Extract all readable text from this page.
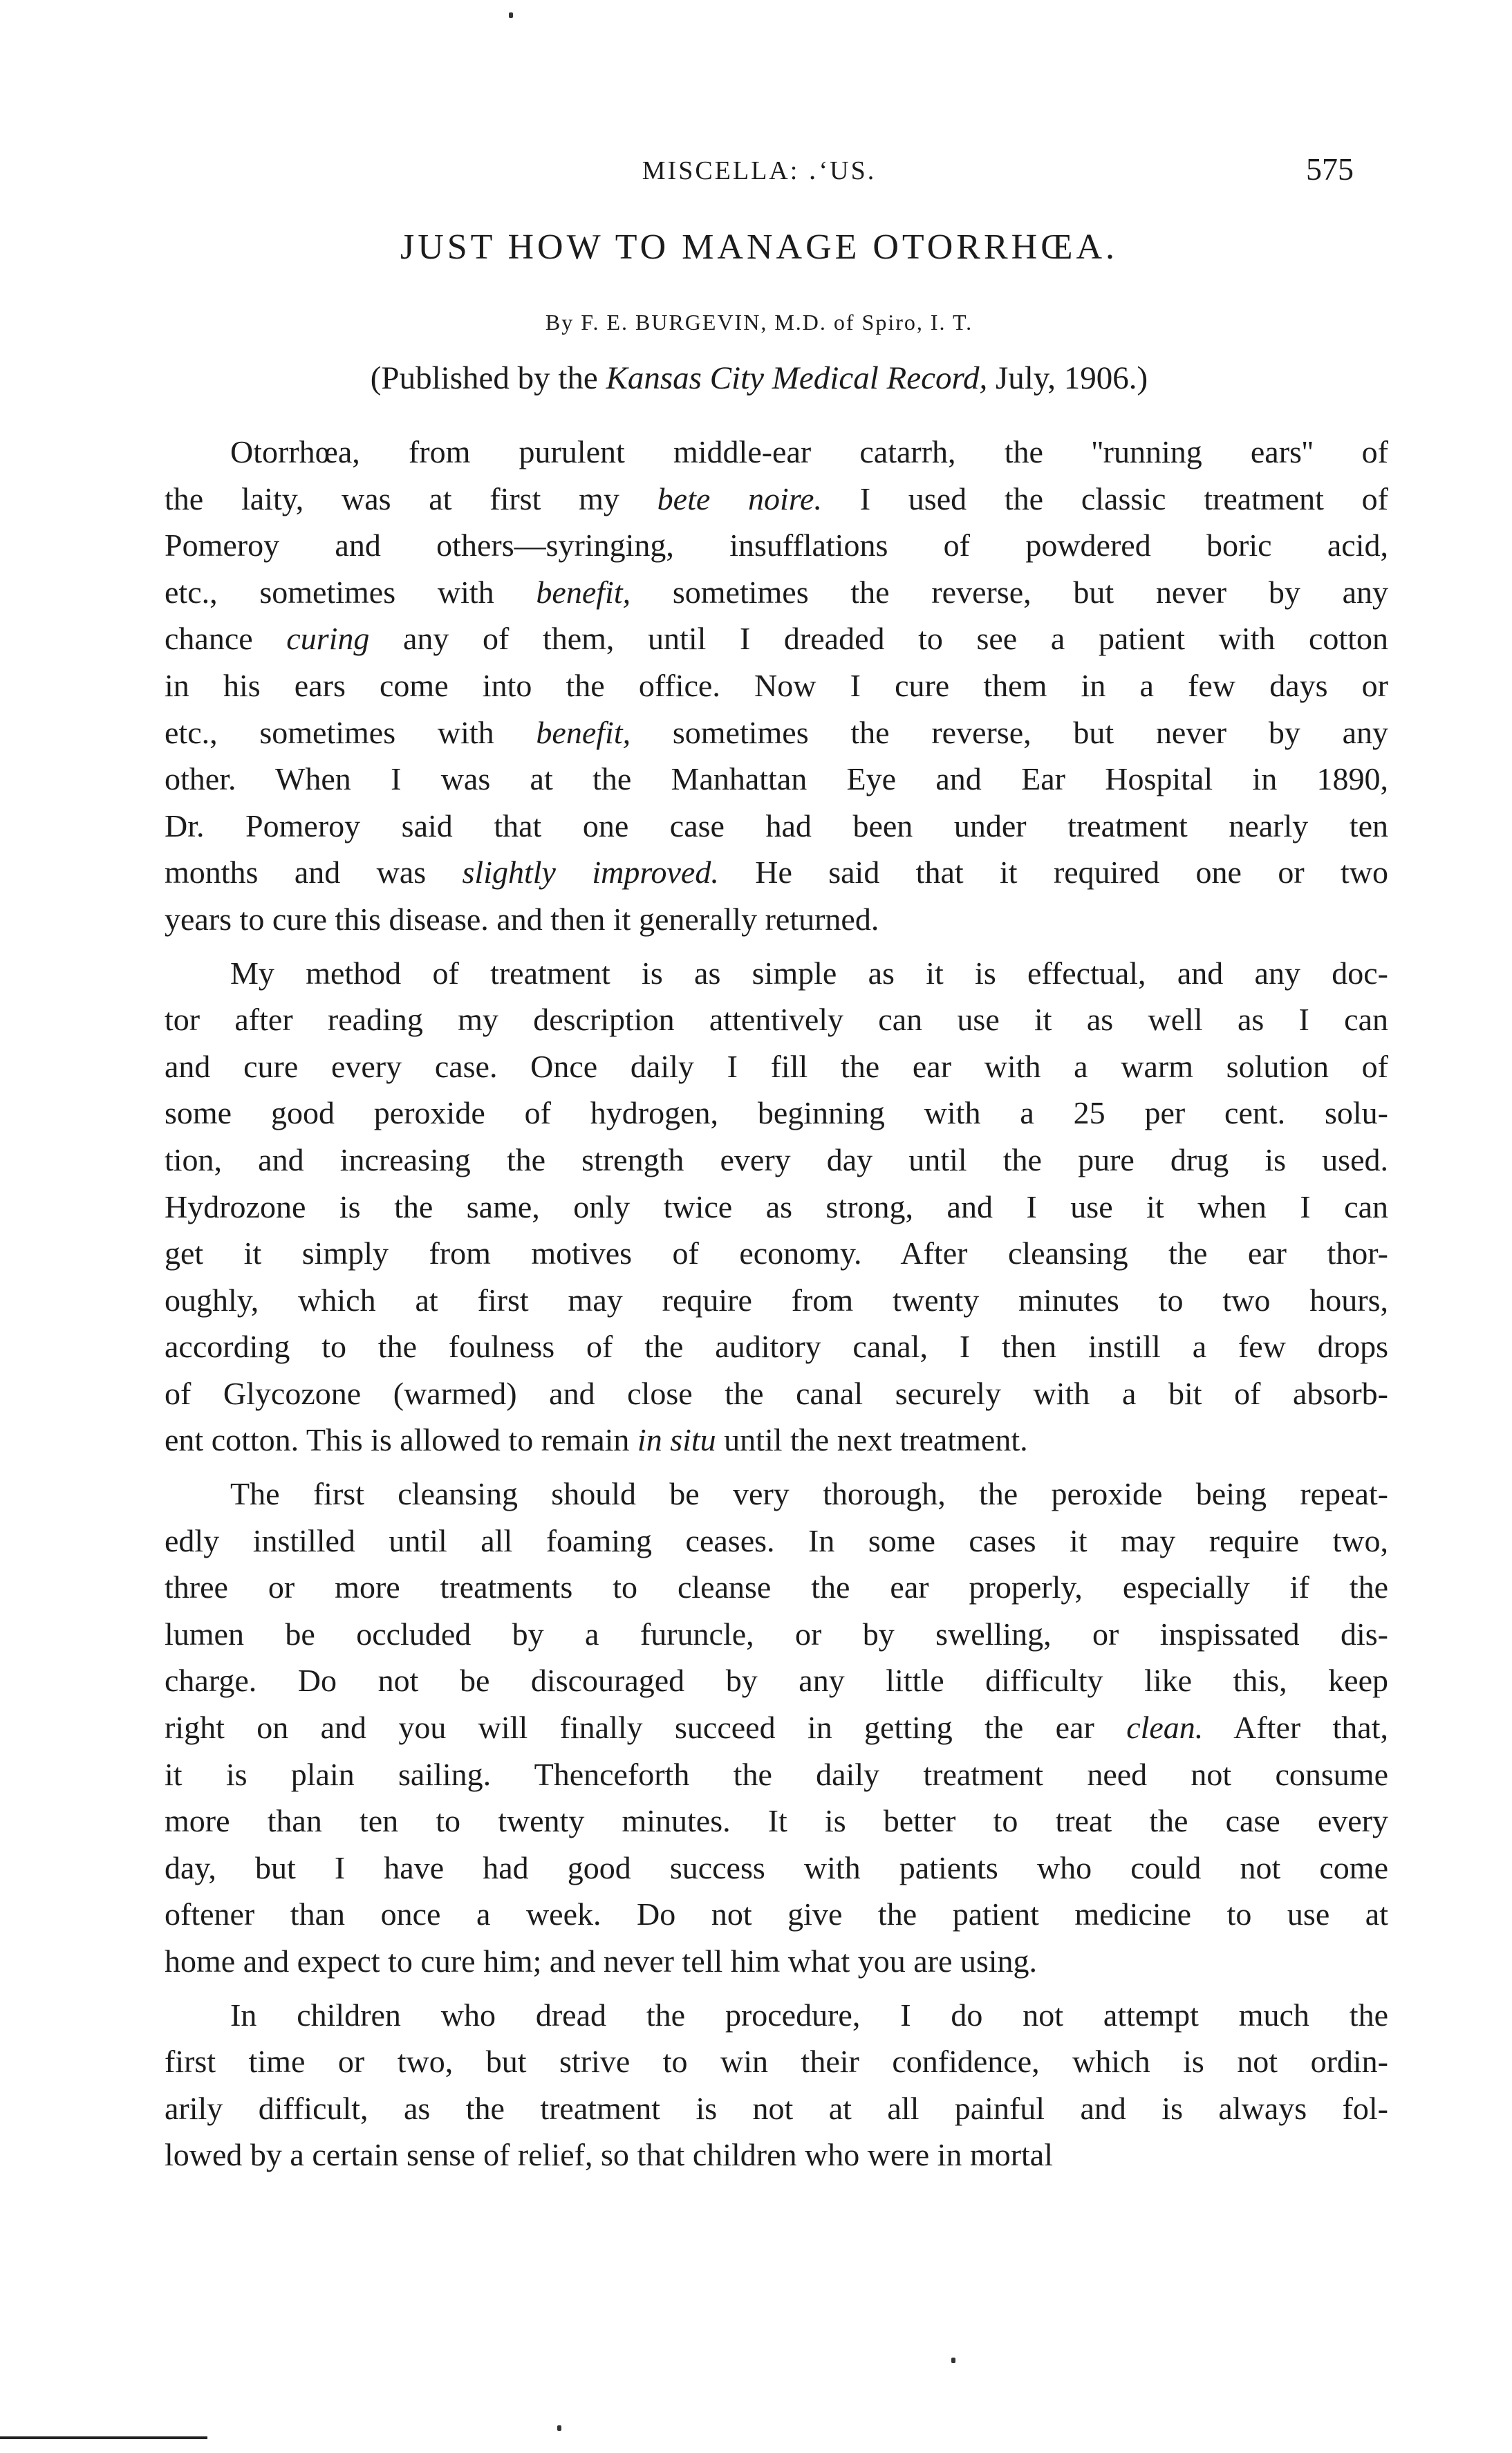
MISCELLA: ․‘US.	575
JUST HOW TO MANAGE OTORRHŒA.
By F. E. BURGEVIN, M.D. of Spiro, I. T.
(Published by the Kansas City Medical Record, July, 1906.)
Otorrhœa, from purulent middle-ear catarrh, the ''running ears'' of
the laity, was at first my bete noire. I used the classic treatment of
Pomeroy and others—syringing, insufflations of powdered boric acid,
etc., sometimes with benefit, sometimes the reverse, but never by any
chance curing any of them, until I dreaded to see a patient with cotton
in his ears come into the office. Now I cure them in a few days or
etc., sometimes with benefit, sometimes the reverse, but never by any
other. When I was at the Manhattan Eye and Ear Hospital in 1890,
Dr. Pomeroy said that one case had been under treatment nearly ten
months and was slightly improved. He said that it required one or two
years to cure this disease. and then it generally returned.
My method of treatment is as simple as it is effectual, and any doc-
tor after reading my description attentively can use it as well as I can
and cure every case. Once daily I fill the ear with a warm solution of
some good peroxide of hydrogen, beginning with a 25 per cent. solu-
tion, and increasing the strength every day until the pure drug is used.
Hydrozone is the same, only twice as strong, and I use it when I can
get it simply from motives of economy. After cleansing the ear thor-
oughly, which at first may require from twenty minutes to two hours,
according to the foulness of the auditory canal, I then instill a few drops
of Glycozone (warmed) and close the canal securely with a bit of absorb-
ent cotton. This is allowed to remain in situ until the next treatment.
The first cleansing should be very thorough, the peroxide being repeat-
edly instilled until all foaming ceases. In some cases it may require two,
three or more treatments to cleanse the ear properly, especially if the
lumen be occluded by a furuncle, or by swelling, or inspissated dis-
charge. Do not be discouraged by any little difficulty like this, keep
right on and you will finally succeed in getting the ear clean. After that,
it is plain sailing. Thenceforth the daily treatment need not consume
more than ten to twenty minutes. It is better to treat the case every
day, but I have had good success with patients who could not come
oftener than once a week. Do not give the patient medicine to use at
home and expect to cure him; and never tell him what you are using.
In children who dread the procedure, I do not attempt much the
first time or two, but strive to win their confidence, which is not ordin-
arily difficult, as the treatment is not at all painful and is always fol-
lowed by a certain sense of relief, so that children who were in mortal
